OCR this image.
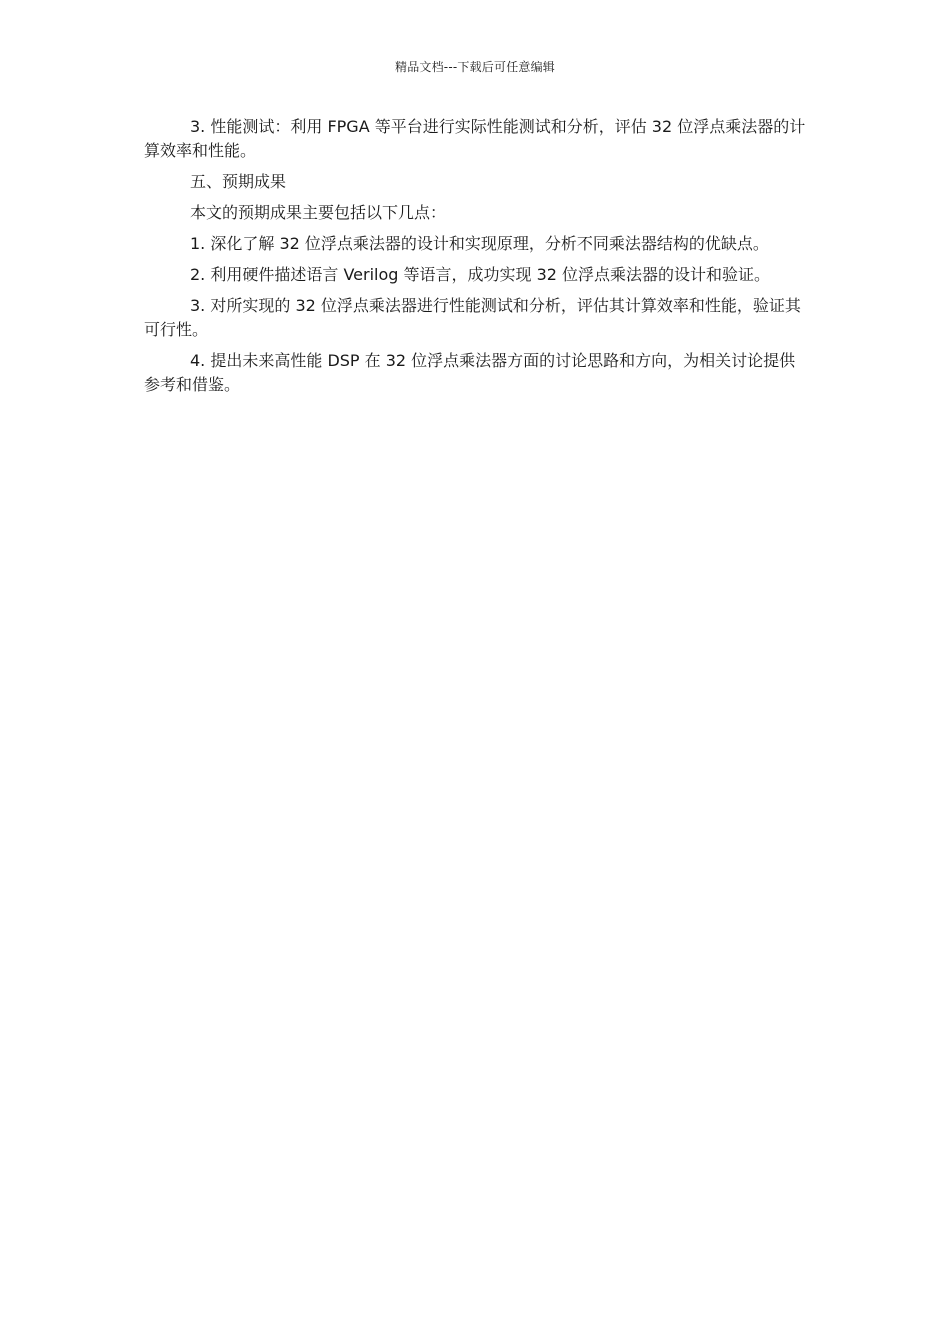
精品文档---下载后可任意编辑

3. 性能测试：利用 FPGA 等平台进行实际性能测试和分析，评估 32 位浮点乘法器的计算效率和性能。

五、预期成果

本文的预期成果主要包括以下几点：

1. 深化了解 32 位浮点乘法器的设计和实现原理，分析不同乘法器结构的优缺点。

2. 利用硬件描述语言 Verilog 等语言，成功实现 32 位浮点乘法器的设计和验证。

3. 对所实现的 32 位浮点乘法器进行性能测试和分析，评估其计算效率和性能，验证其可行性。

4. 提出未来高性能 DSP 在 32 位浮点乘法器方面的讨论思路和方向，为相关讨论提供参考和借鉴。
